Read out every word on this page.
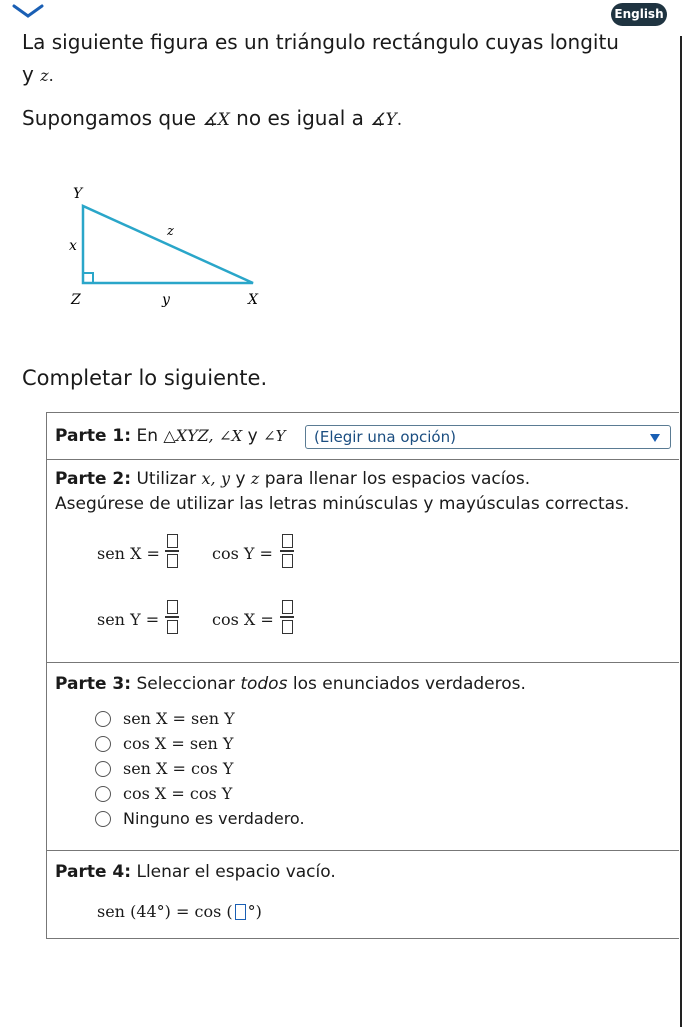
English
La siguiente figura es un triángulo rectángulo cuyas longitu
y z.
Supongamos que ∡X no es igual a ∡Y.
Y
x
z
Z	y	X
Completar lo siguiente.
Parte 1: En △XYZ, ∠X y ∠Y	(Elegir una opción)
Parte 2: Utilizar x, y y z para llenar los espacios vacíos.
Asegúrese de utilizar las letras minúsculas y mayúsculas correctas.
sen X =	cos Y =
sen Y =	cos X =
Parte 3: Seleccionar todos los enunciados verdaderos.
sen X = sen Y
cos X = sen Y
sen X = cos Y
cos X = cos Y
Ninguno es verdadero.
Parte 4: Llenar el espacio vacío.
sen (44°) = cos ( °)
